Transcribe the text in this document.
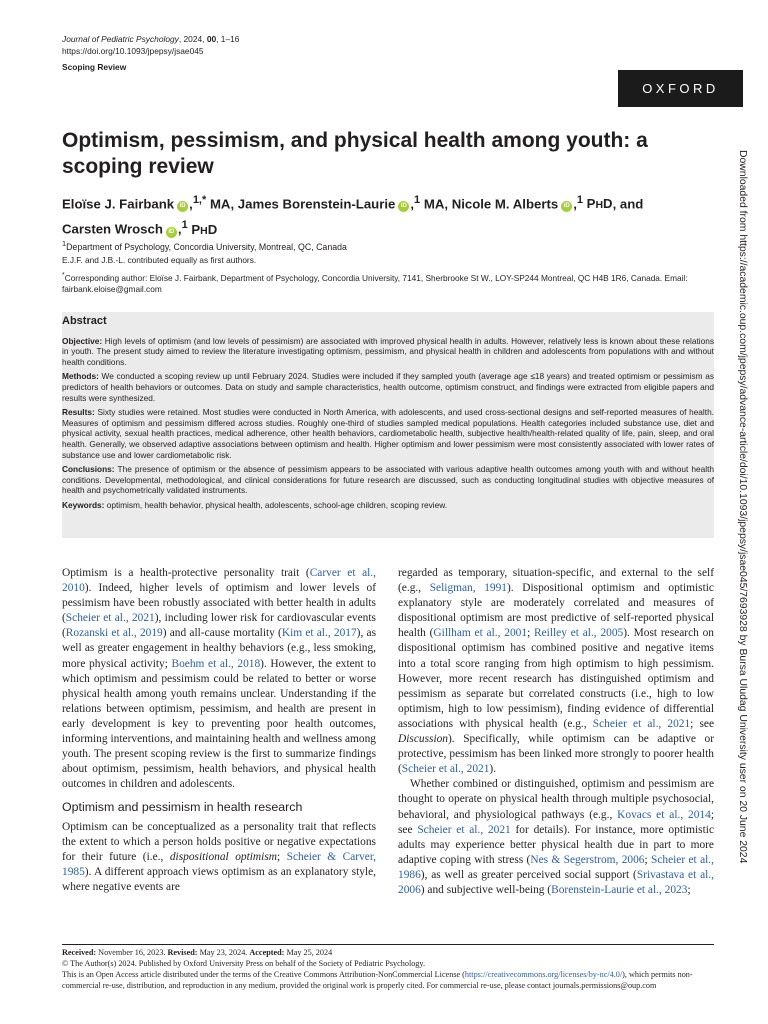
Journal of Pediatric Psychology, 2024, 00, 1–16
https://doi.org/10.1093/jpepsy/jsae045
Scoping Review
OXFORD
Optimism, pessimism, and physical health among youth: a scoping review
Eloïse J. Fairbank iD ,$^{1,*}$ MA, James Borenstein-Laurie iD ,$^1$ MA, Nicole M. Alberts iD ,$^1$ PHD, and
Carsten Wrosch iD ,$^1$ PHD
$^1$Department of Psychology, Concordia University, Montreal, QC, Canada
E.J.F. and J.B.-L. contributed equally as first authors.
*Corresponding author: Eloïse J. Fairbank, Department of Psychology, Concordia University, 7141, Sherbrooke St W., LOY-SP244 Montreal, QC H4B 1R6, Canada. Email: fairbank.eloise@gmail.com
Abstract

Objective: High levels of optimism (and low levels of pessimism) are associated with improved physical health in adults. However, relatively less is known about these relations in youth. The present study aimed to review the literature investigating optimism, pessimism, and physical health in children and adolescents from populations with and without health conditions.

Methods: We conducted a scoping review up until February 2024. Studies were included if they sampled youth (average age ≤18 years) and treated optimism or pessimism as predictors of health behaviors or outcomes. Data on study and sample characteristics, health outcome, optimism construct, and findings were extracted from eligible papers and results were synthesized.

Results: Sixty studies were retained. Most studies were conducted in North America, with adolescents, and used cross-sectional designs and self-reported measures of health. Measures of optimism and pessimism differed across studies. Roughly one-third of studies sampled medical populations. Health categories included substance use, diet and physical activity, sexual health practices, medical adherence, other health behaviors, cardiometabolic health, subjective health/health-related quality of life, pain, sleep, and oral health. Generally, we observed adaptive associations between optimism and health. Higher optimism and lower pessimism were most consistently associated with lower rates of substance use and lower cardiometabolic risk.

Conclusions: The presence of optimism or the absence of pessimism appears to be associated with various adaptive health outcomes among youth with and without health conditions. Developmental, methodological, and clinical considerations for future research are discussed, such as conducting longitudinal studies with objective measures of health and psychometrically validated instruments.

Keywords: optimism, health behavior, physical health, adolescents, school-age children, scoping review.

Optimism is a health-protective personality trait (Carver et al., 2010). Indeed, higher levels of optimism and lower levels of pessimism have been robustly associated with better health in adults (Scheier et al., 2021), including lower risk for cardiovascular events (Rozanski et al., 2019) and all-cause mortality (Kim et al., 2017), as well as greater engagement in healthy behaviors (e.g., less smoking, more physical activity; Boehm et al., 2018). However, the extent to which optimism and pessimism could be related to better or worse physical health among youth remains unclear. Understanding if the relations between optimism, pessimism, and health are present in early development is key to preventing poor health outcomes, informing interventions, and maintaining health and wellness among youth. The present scoping review is the first to summarize findings about optimism, pessimism, health behaviors, and physical health outcomes in children and adolescents.

Optimism and pessimism in health research

Optimism can be conceptualized as a personality trait that reflects the extent to which a person holds positive or negative expectations for their future (i.e., dispositional optimism; Scheier & Carver, 1985). A different approach views optimism as an explanatory style, where negative events are

regarded as temporary, situation-specific, and external to the self (e.g., Seligman, 1991). Dispositional optimism and optimistic explanatory style are moderately correlated and measures of dispositional optimism are most predictive of self-reported physical health (Gillham et al., 2001; Reilley et al., 2005). Most research on dispositional optimism has combined positive and negative items into a total score ranging from high optimism to high pessimism. However, more recent research has distinguished optimism and pessimism as separate but correlated constructs (i.e., high to low optimism, high to low pessimism), finding evidence of differential associations with physical health (e.g., Scheier et al., 2021; see Discussion). Specifically, while optimism can be adaptive or protective, pessimism has been linked more strongly to poorer health (Scheier et al., 2021).

Whether combined or distinguished, optimism and pessimism are thought to operate on physical health through multiple psychosocial, behavioral, and physiological pathways (e.g., Kovacs et al., 2014; see Scheier et al., 2021 for details). For instance, more optimistic adults may experience better physical health due in part to more adaptive coping with stress (Nes & Segerstrom, 2006; Scheier et al., 1986), as well as greater perceived social support (Srivastava et al., 2006) and subjective well-being (Borenstein-Laurie et al., 2023;

Received: November 16, 2023. Revised: May 23, 2024. Accepted: May 25, 2024
© The Author(s) 2024. Published by Oxford University Press on behalf of the Society of Pediatric Psychology.
This is an Open Access article distributed under the terms of the Creative Commons Attribution-NonCommercial License (https://creativecommons.org/licenses/by-nc/4.0/), which permits non-commercial re-use, distribution, and reproduction in any medium, provided the original work is properly cited. For commercial re-use, please contact journals.permissions@oup.com
Downloaded from https://academic.oup.com/jpepsy/advance-article/doi/10.1093/jpepsy/jsae045/7693928 by Bursa Uludag University user on 20 June 2024
